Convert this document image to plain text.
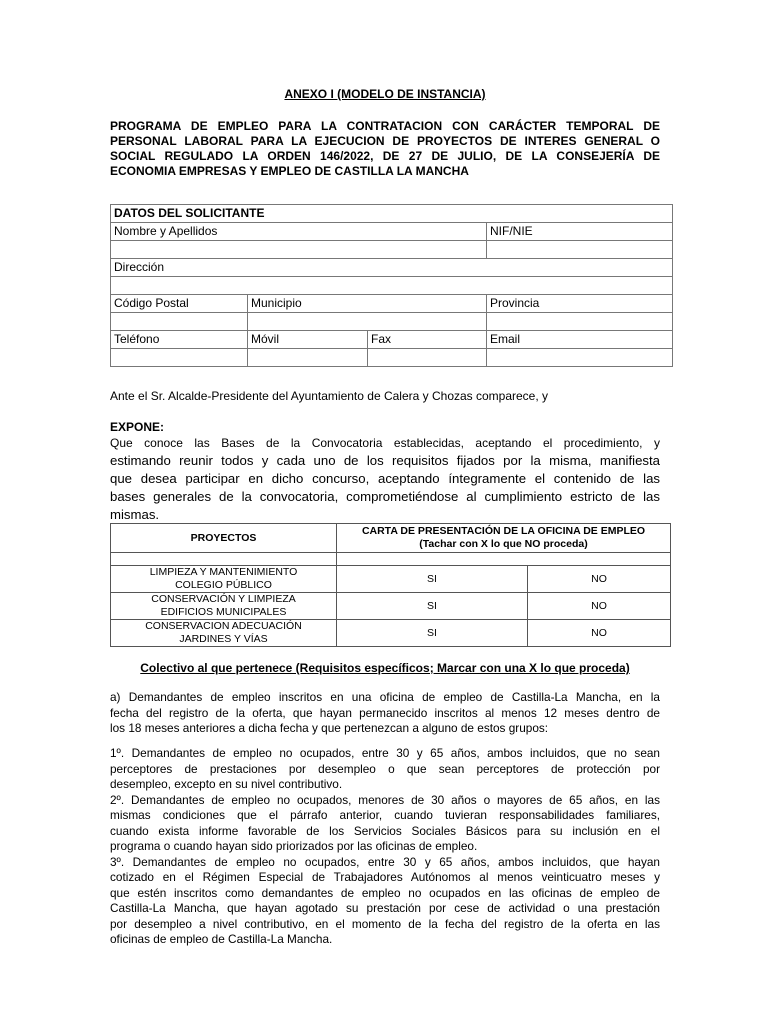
ANEXO I (MODELO DE INSTANCIA)
PROGRAMA DE EMPLEO PARA LA CONTRATACION CON CARÁCTER TEMPORAL DE
PERSONAL LABORAL PARA LA EJECUCION DE PROYECTOS DE INTERES GENERAL O
SOCIAL REGULADO LA ORDEN 146/2022, DE 27 DE JULIO, DE LA CONSEJERÍA DE
ECONOMIA EMPRESAS Y EMPLEO DE CASTILLA LA MANCHA
DATOS DEL SOLICITANTE			
Nombre y Apellidos			NIF/NIE

Dirección			

Código Postal	Municipio		Provincia

Teléfono	Móvil	Fax	Email

Ante el Sr. Alcalde-Presidente del Ayuntamiento de Calera y Chozas comparece, y
EXPONE:
Que conoce las Bases de la Convocatoria establecidas, aceptando el procedimiento, y
estimando reunir todos y cada uno de los requisitos fijados por la misma, manifiesta
que desea participar en dicho concurso, aceptando íntegramente el contenido de las
bases generales de la convocatoria, comprometiéndose al cumplimiento estricto de las
mismas.
PROYECTOS	CARTA DE PRESENTACIÓN DE LA OFICINA DE EMPLEO
(Tachar con X lo que NO proceda)	

LIMPIEZA Y MANTENIMIENTO
COLEGIO PÚBLICO	SI	NO

CONSERVACIÓN Y LIMPIEZA
EDIFICIOS MUNICIPALES	SI	NO

CONSERVACION ADECUACIÓN
JARDINES Y VÍAS	SI	NO
Colectivo al que pertenece (Requisitos específicos; Marcar con una X lo que proceda)
a) Demandantes de empleo inscritos en una oficina de empleo de Castilla-La Mancha, en la
fecha del registro de la oferta, que hayan permanecido inscritos al menos 12 meses dentro de
los 18 meses anteriores a dicha fecha y que pertenezcan a alguno de estos grupos:
1º. Demandantes de empleo no ocupados, entre 30 y 65 años, ambos incluidos, que no sean
perceptores de prestaciones por desempleo o que sean perceptores de protección por
desempleo, excepto en su nivel contributivo.
2º. Demandantes de empleo no ocupados, menores de 30 años o mayores de 65 años, en las
mismas condiciones que el párrafo anterior, cuando tuvieran responsabilidades familiares,
cuando exista informe favorable de los Servicios Sociales Básicos para su inclusión en el
programa o cuando hayan sido priorizados por las oficinas de empleo.
3º. Demandantes de empleo no ocupados, entre 30 y 65 años, ambos incluidos, que hayan
cotizado en el Régimen Especial de Trabajadores Autónomos al menos veinticuatro meses y
que estén inscritos como demandantes de empleo no ocupados en las oficinas de empleo de
Castilla-La Mancha, que hayan agotado su prestación por cese de actividad o una prestación
por desempleo a nivel contributivo, en el momento de la fecha del registro de la oferta en las
oficinas de empleo de Castilla-La Mancha.
